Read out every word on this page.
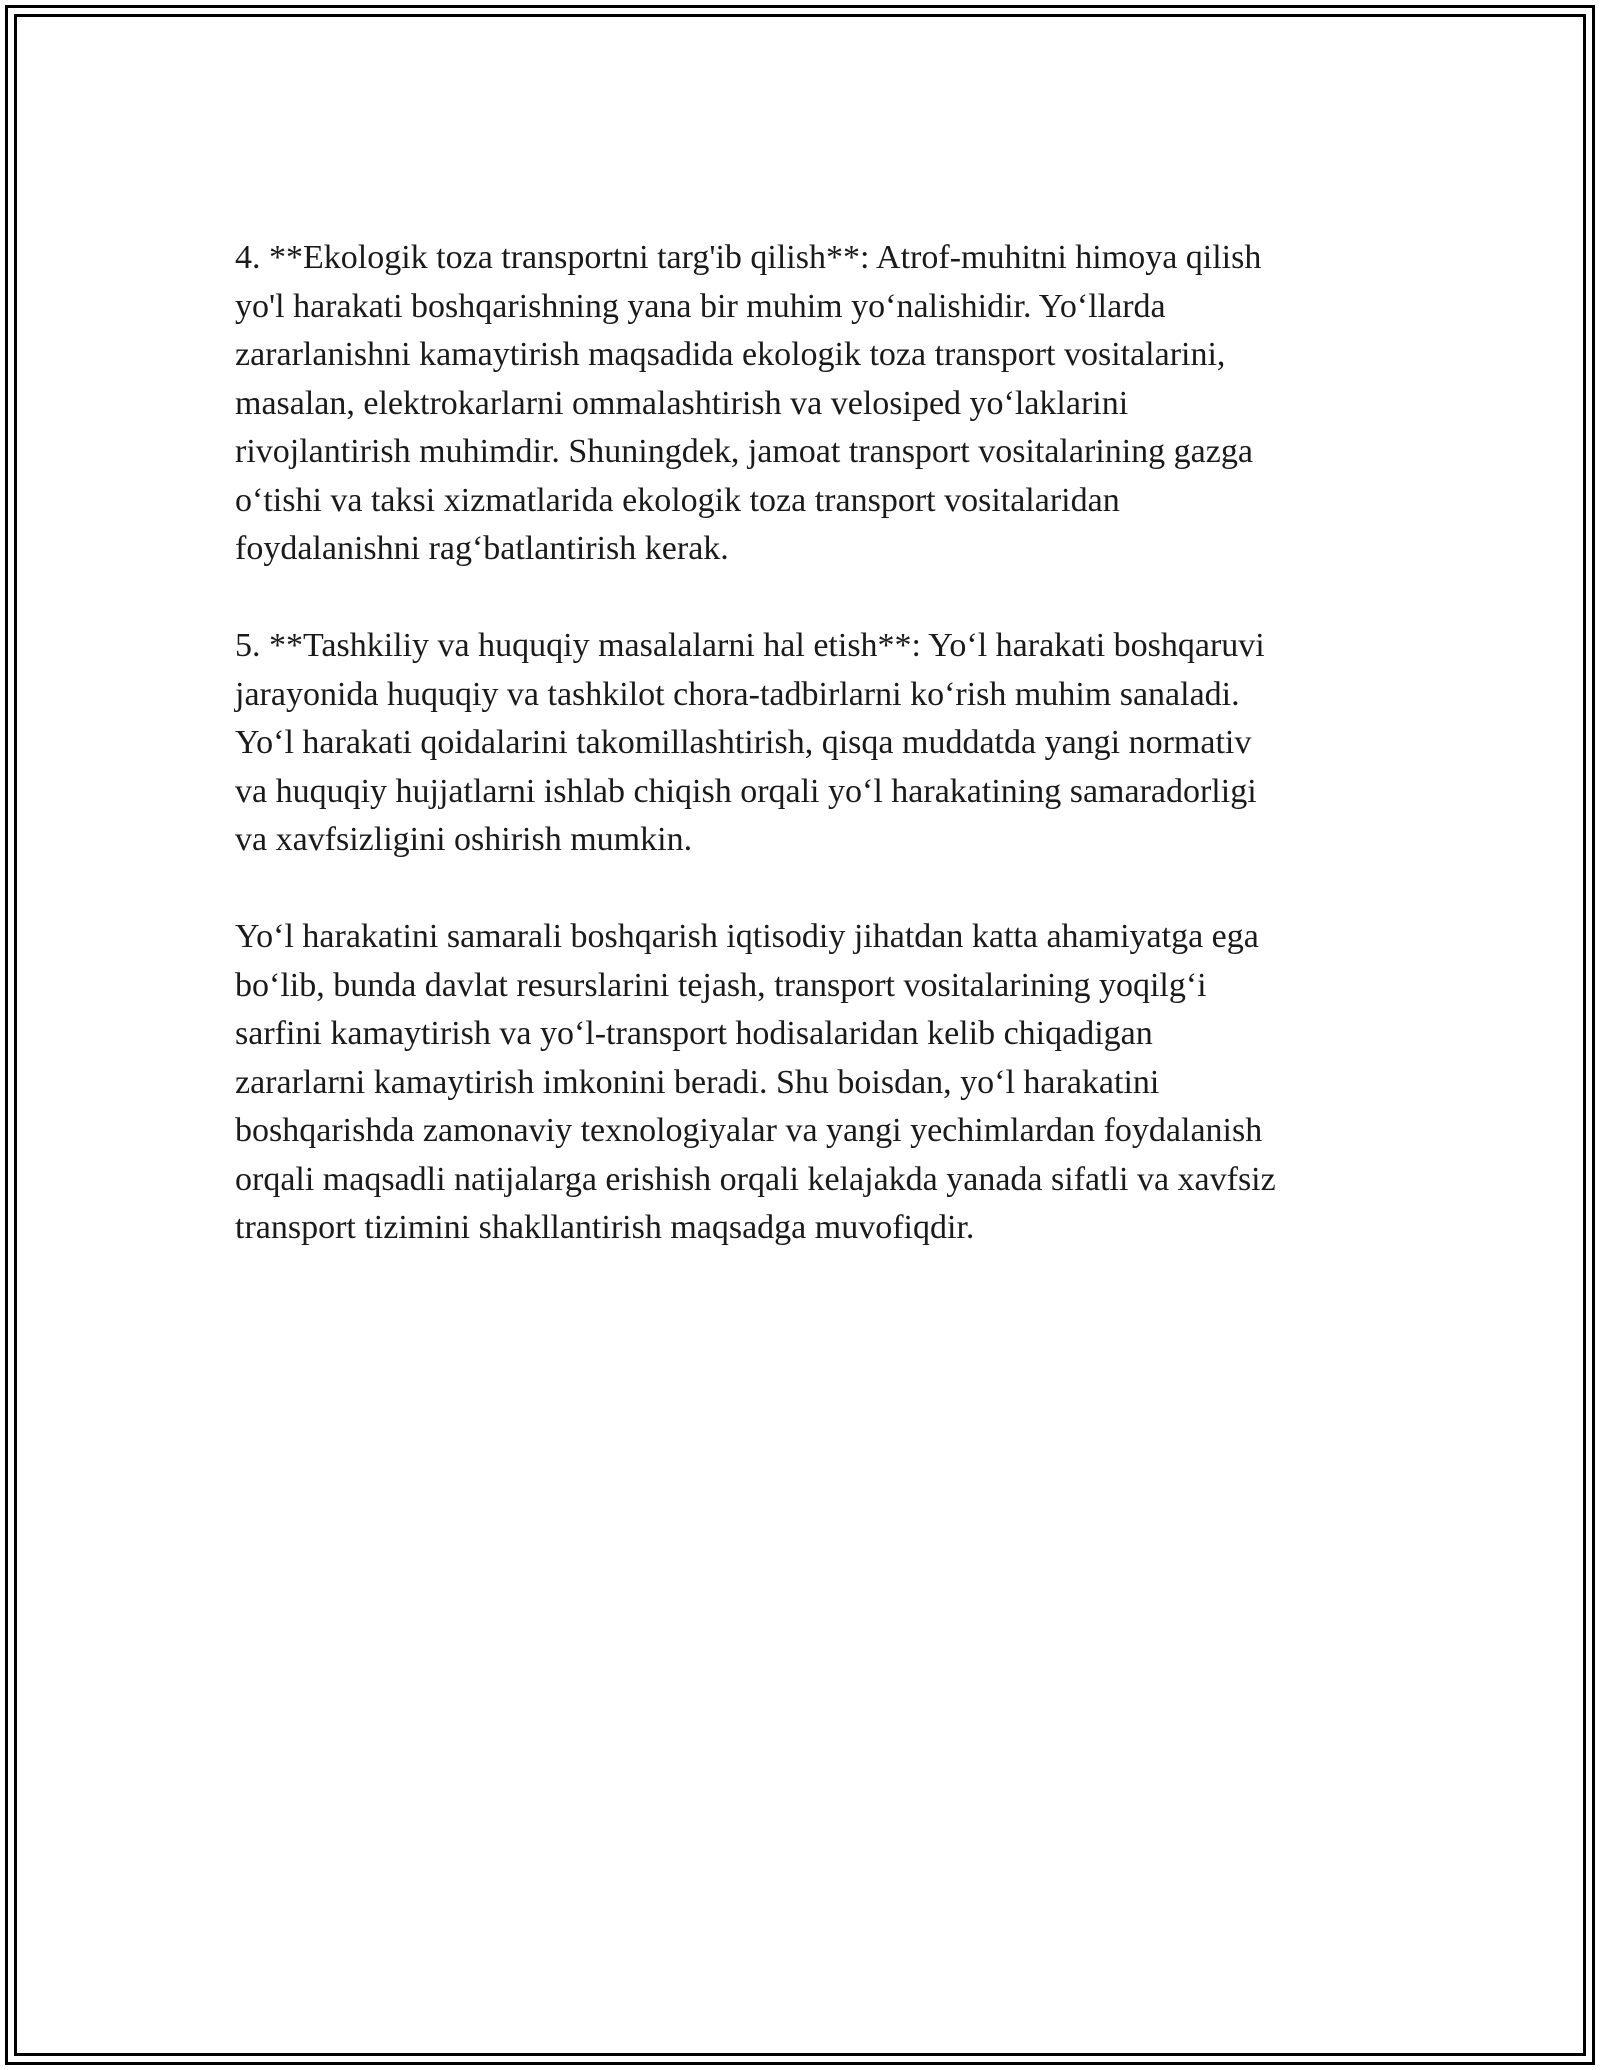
4. **Ekologik toza transportni targ'ib qilish**: Atrof-muhitni himoya qilish
yo'l harakati boshqarishning yana bir muhim yo‘nalishidir. Yo‘llarda
zararlanishni kamaytirish maqsadida ekologik toza transport vositalarini,
masalan, elektrokarlarni ommalashtirish va velosiped yo‘laklarini
rivojlantirish muhimdir. Shuningdek, jamoat transport vositalarining gazga
o‘tishi va taksi xizmatlarida ekologik toza transport vositalaridan
foydalanishni rag‘batlantirish kerak.

5. **Tashkiliy va huquqiy masalalarni hal etish**: Yo‘l harakati boshqaruvi
jarayonida huquqiy va tashkilot chora-tadbirlarni ko‘rish muhim sanaladi.
Yo‘l harakati qoidalarini takomillashtirish, qisqa muddatda yangi normativ
va huquqiy hujjatlarni ishlab chiqish orqali yo‘l harakatining samaradorligi
va xavfsizligini oshirish mumkin.

Yo‘l harakatini samarali boshqarish iqtisodiy jihatdan katta ahamiyatga ega
bo‘lib, bunda davlat resurslarini tejash, transport vositalarining yoqilg‘i
sarfini kamaytirish va yo‘l-transport hodisalaridan kelib chiqadigan
zararlarni kamaytirish imkonini beradi. Shu boisdan, yo‘l harakatini
boshqarishda zamonaviy texnologiyalar va yangi yechimlardan foydalanish
orqali maqsadli natijalarga erishish orqali kelajakda yanada sifatli va xavfsiz
transport tizimini shakllantirish maqsadga muvofiqdir.
